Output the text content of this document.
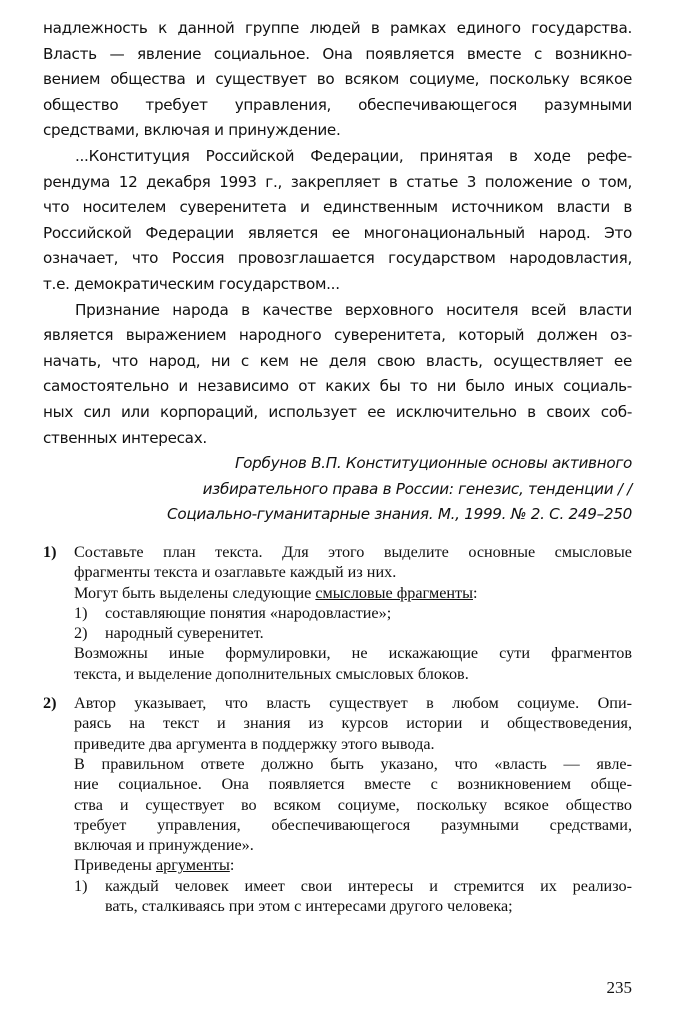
надлежность к данной группе людей в рамках единого государства.
Власть — явление социальное. Она появляется вместе с возникно-
вением общества и существует во всяком социуме, поскольку всякое
общество требует управления, обеспечивающегося разумными
средствами, включая и принуждение.
...Конституция Российской Федерации, принятая в ходе рефе-
рендума 12 декабря 1993 г., закрепляет в статье 3 положение о том,
что носителем суверенитета и единственным источником власти в
Российской Федерации является ее многонациональный народ. Это
означает, что Россия провозглашается государством народовластия,
т.е. демократическим государством...
Признание народа в качестве верховного носителя всей власти
является выражением народного суверенитета, который должен оз-
начать, что народ, ни с кем не деля свою власть, осуществляет ее
самостоятельно и независимо от каких бы то ни было иных социаль-
ных сил или корпораций, использует ее исключительно в своих соб-
ственных интересах.
Горбунов В.П. Конституционные основы активного
избирательного права в России: генезис, тенденции / /
Социально-гуманитарные знания. М., 1999. № 2. С. 249–250
1) Составьте план текста. Для этого выделите основные смысловые
фрагменты текста и озаглавьте каждый из них.
Могут быть выделены следующие смысловые фрагменты:
1) составляющие понятия «народовластие»;
2) народный суверенитет.
Возможны иные формулировки, не искажающие сути фрагментов
текста, и выделение дополнительных смысловых блоков.
2) Автор указывает, что власть существует в любом социуме. Опи-
раясь на текст и знания из курсов истории и обществоведения,
приведите два аргумента в поддержку этого вывода.
В правильном ответе должно быть указано, что «власть — явле-
ние социальное. Она появляется вместе с возникновением обще-
ства и существует во всяком социуме, поскольку всякое общество
требует управления, обеспечивающегося разумными средствами,
включая и принуждение».
Приведены аргументы:
1) каждый человек имеет свои интересы и стремится их реализо-
вать, сталкиваясь при этом с интересами другого человека;
235
